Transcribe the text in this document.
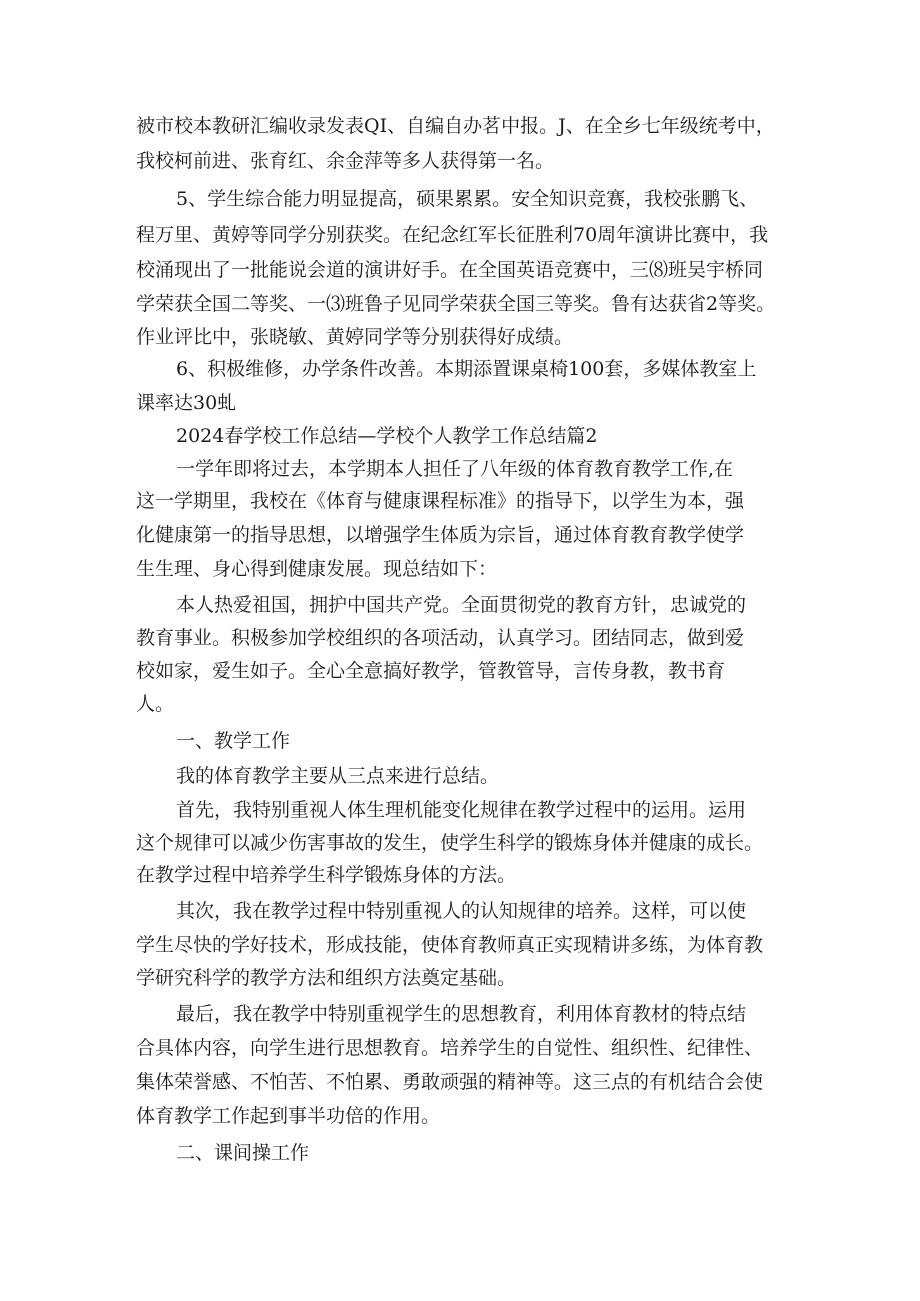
被市校本教研汇编收录发表QI、自编自办茗中报。J、在全乡七年级统考中，
我校柯前进、张育红、余金萍等多人获得第一名。
5、学生综合能力明显提高，硕果累累。安全知识竞赛，我校张鹏飞、
程万里、黄婷等同学分别获奖。在纪念红军长征胜利70周年演讲比赛中，我
校涌现出了一批能说会道的演讲好手。在全国英语竞赛中，三⑻班吴宇桥同
学荣获全国二等奖、一⑶班鲁子见同学荣获全国三等奖。鲁有达获省2等奖。
作业评比中，张晓敏、黄婷同学等分别获得好成绩。
6、积极维修，办学条件改善。本期添置课桌椅100套，多媒体教室上
课率达30虬
2024春学校工作总结—学校个人教学工作总结篇2
一学年即将过去，本学期本人担任了八年级的体育教育教学工作,在
这一学期里，我校在《体育与健康课程标准》的指导下，以学生为本，强
化健康第一的指导思想，以增强学生体质为宗旨，通过体育教育教学使学
生生理、身心得到健康发展。现总结如下：
本人热爱祖国，拥护中国共产党。全面贯彻党的教育方针，忠诚党的
教育事业。积极参加学校组织的各项活动，认真学习。团结同志，做到爱
校如家，爱生如子。全心全意搞好教学，管教管导，言传身教，教书育
人。
一、教学工作
我的体育教学主要从三点来进行总结。
首先，我特别重视人体生理机能变化规律在教学过程中的运用。运用
这个规律可以减少伤害事故的发生，使学生科学的锻炼身体并健康的成长。
在教学过程中培养学生科学锻炼身体的方法。
其次，我在教学过程中特别重视人的认知规律的培养。这样，可以使
学生尽快的学好技术，形成技能，使体育教师真正实现精讲多练，为体育教
学研究科学的教学方法和组织方法奠定基础。
最后，我在教学中特别重视学生的思想教育，利用体育教材的特点结
合具体内容，向学生进行思想教育。培养学生的自觉性、组织性、纪律性、
集体荣誉感、不怕苦、不怕累、勇敢顽强的精神等。这三点的有机结合会使
体育教学工作起到事半功倍的作用。
二、课间操工作
